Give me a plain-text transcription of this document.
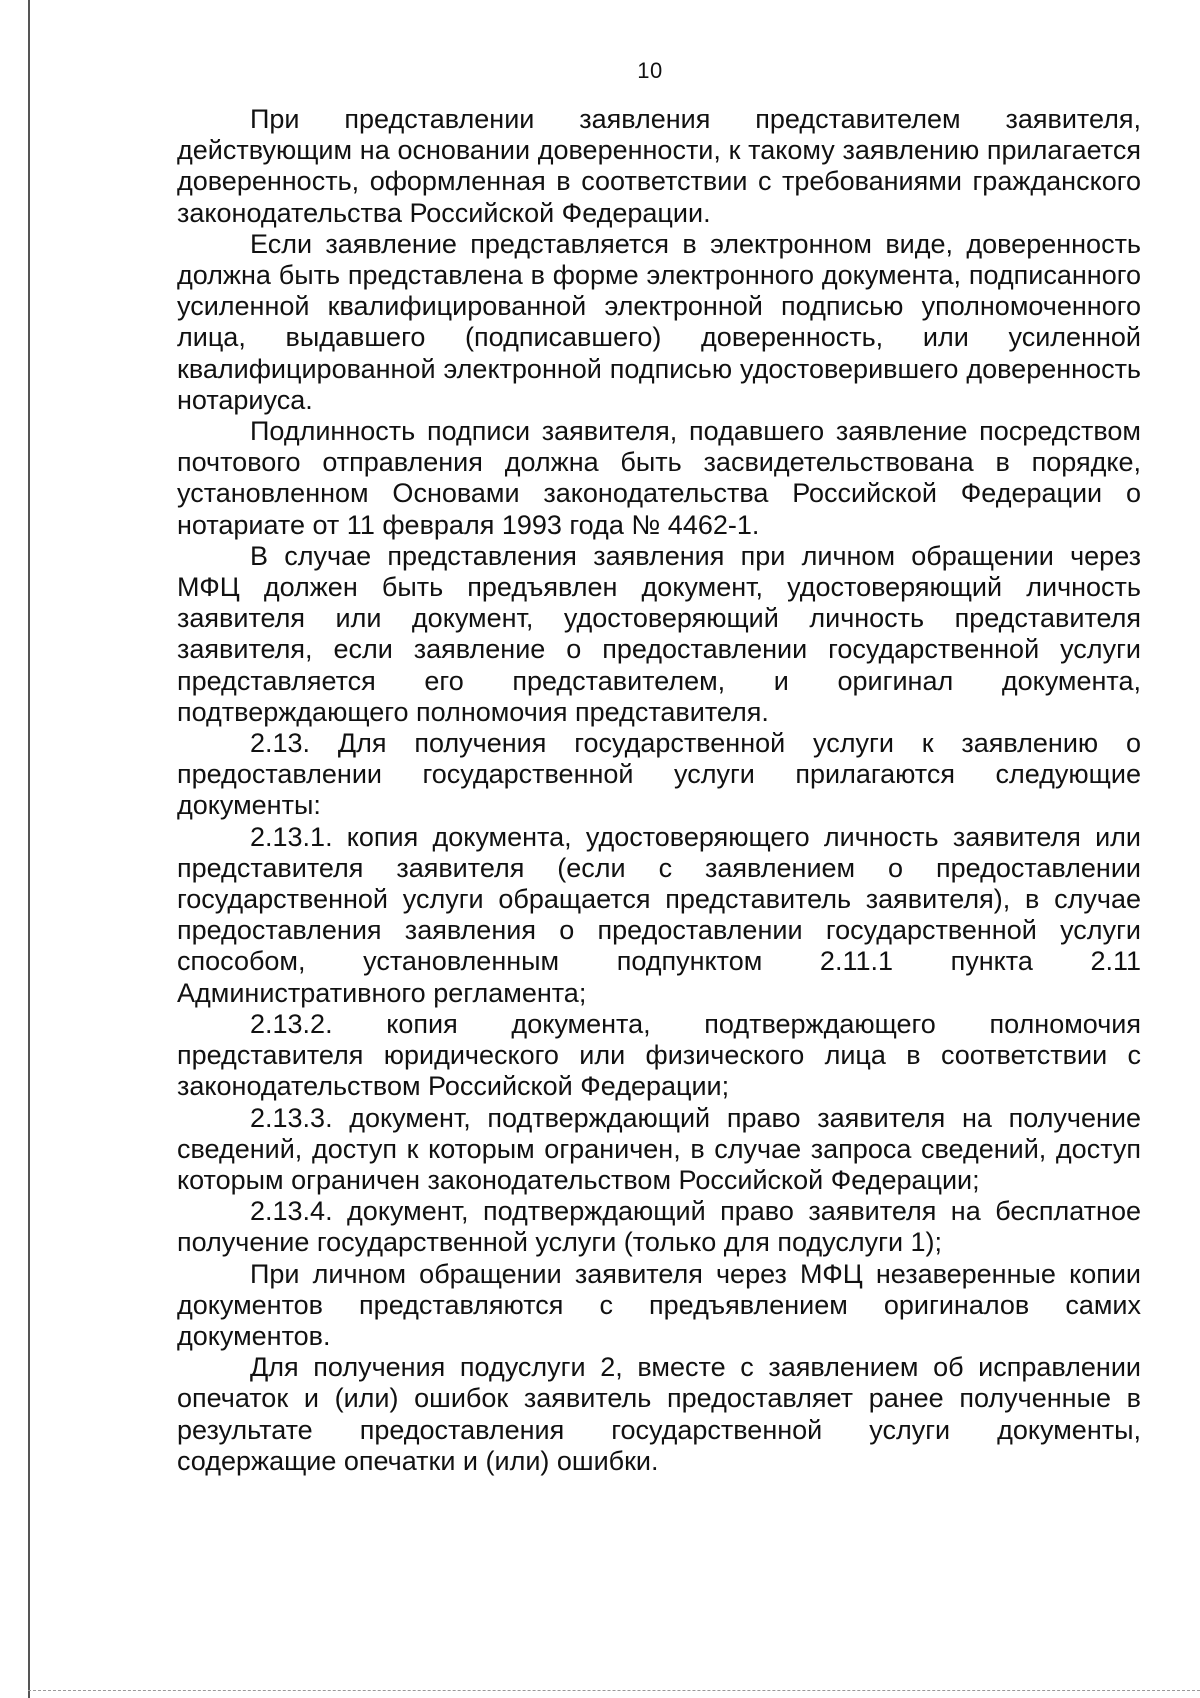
10

При представлении заявления представителем заявителя, действующим на основании доверенности, к такому заявлению прилагается доверенность, оформленная в соответствии с требованиями гражданского законодательства Российской Федерации.

Если заявление представляется в электронном виде, доверенность должна быть представлена в форме электронного документа, подписанного усиленной квалифицированной электронной подписью уполномоченного лица, выдавшего (подписавшего) доверенность, или усиленной квалифицированной электронной подписью удостоверившего доверенность нотариуса.

Подлинность подписи заявителя, подавшего заявление посредством почтового отправления должна быть засвидетельствована в порядке, установленном Основами законодательства Российской Федерации о нотариате от 11 февраля 1993 года № 4462-1.

В случае представления заявления при личном обращении через МФЦ должен быть предъявлен документ, удостоверяющий личность заявителя или документ, удостоверяющий личность представителя заявителя, если заявление о предоставлении государственной услуги представляется его представителем, и оригинал документа, подтверждающего полномочия представителя.

2.13. Для получения государственной услуги к заявлению о предоставлении государственной услуги прилагаются следующие документы:

2.13.1. копия документа, удостоверяющего личность заявителя или представителя заявителя (если с заявлением о предоставлении государственной услуги обращается представитель заявителя), в случае предоставления заявления о предоставлении государственной услуги способом, установленным подпунктом 2.11.1 пункта 2.11 Административного регламента;

2.13.2. копия документа, подтверждающего полномочия представителя юридического или физического лица в соответствии с законодательством Российской Федерации;

2.13.3. документ, подтверждающий право заявителя на получение сведений, доступ к которым ограничен, в случае запроса сведений, доступ которым ограничен законодательством Российской Федерации;

2.13.4. документ, подтверждающий право заявителя на бесплатное получение государственной услуги (только для подуслуги 1);

При личном обращении заявителя через МФЦ незаверенные копии документов представляются с предъявлением оригиналов самих документов.

Для получения подуслуги 2, вместе с заявлением об исправлении опечаток и (или) ошибок заявитель предоставляет ранее полученные в результате предоставления государственной услуги документы, содержащие опечатки и (или) ошибки.
